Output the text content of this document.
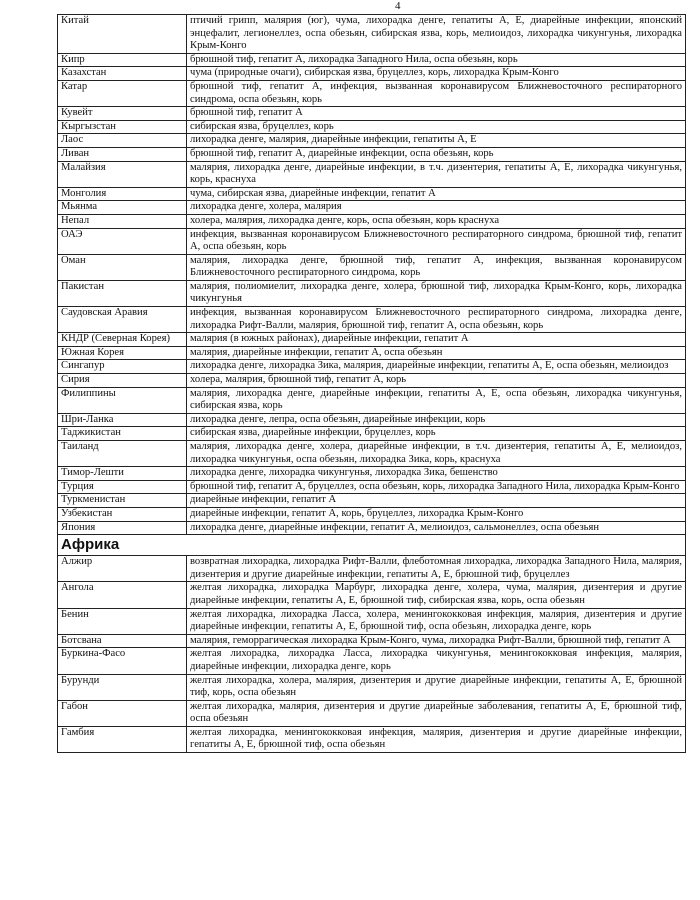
4
Китай	птичий грипп, малярия (юг), чума, лихорадка денге, гепатиты А, Е, диарейные инфекции, японский энцефалит, легионеллез, оспа обезьян, сибирская язва, корь, мелиоидоз, лихорадка чикунгунья, лихорадка Крым-Конго
Кипр	брюшной тиф, гепатит А, лихорадка Западного Нила, оспа обезьян, корь
Казахстан	чума (природные очаги), сибирская язва, бруцеллез, корь, лихорадка Крым-Конго
Катар	брюшной тиф, гепатит А, инфекция, вызванная коронавирусом Ближневосточного респираторного синдрома, оспа обезьян, корь
Кувейт	брюшной тиф, гепатит А
Кыргызстан	сибирская язва, бруцеллез, корь
Лаос	лихорадка денге, малярия, диарейные инфекции, гепатиты А, Е
Ливан	брюшной тиф, гепатит А, диарейные инфекции, оспа обезьян, корь
Малайзия	малярия, лихорадка денге, диарейные инфекции, в т.ч. дизентерия, гепатиты А, Е, лихорадка чикунгунья, корь, краснуха
Монголия	чума, сибирская язва, диарейные инфекции, гепатит А
Мьянма	лихорадка денге, холера, малярия
Непал	холера, малярия, лихорадка денге, корь, оспа обезьян, корь краснуха
ОАЭ	инфекция, вызванная коронавирусом Ближневосточного респираторного синдрома, брюшной тиф, гепатит А, оспа обезьян, корь
Оман	малярия, лихорадка денге, брюшной тиф, гепатит А, инфекция, вызванная коронавирусом Ближневосточного респираторного синдрома, корь
Пакистан	малярия, полиомиелит, лихорадка денге, холера, брюшной тиф, лихорадка Крым-Конго, корь, лихорадка чикунгунья
Саудовская Аравия	инфекция, вызванная коронавирусом Ближневосточного респираторного синдрома, лихорадка денге, лихорадка Рифт-Валли, малярия, брюшной тиф, гепатит А, оспа обезьян, корь
КНДР (Северная Корея)	малярия (в южных районах), диарейные инфекции, гепатит А
Южная Корея	малярия, диарейные инфекции, гепатит А, оспа обезьян
Сингапур	лихорадка денге, лихорадка Зика, малярия, диарейные инфекции, гепатиты А, Е, оспа обезьян, мелиоидоз
Сирия	холера, малярия, брюшной тиф, гепатит А, корь
Филиппины	малярия, лихорадка денге, диарейные инфекции, гепатиты А, Е, оспа обезьян, лихорадка чикунгунья, сибирская язва, корь
Шри-Ланка	лихорадка денге, лепра, оспа обезьян, диарейные инфекции, корь
Таджикистан	сибирская язва, диарейные инфекции, бруцеллез, корь
Таиланд	малярия, лихорадка денге, холера, диарейные инфекции, в т.ч. дизентерия, гепатиты А, Е, мелиоидоз, лихорадка чикунгунья, оспа обезьян, лихорадка Зика, корь, краснуха
Тимор-Лешти	лихорадка денге, лихорадка чикунгунья, лихорадка Зика, бешенство
Турция	брюшной тиф, гепатит А, бруцеллез, оспа обезьян, корь, лихорадка Западного Нила, лихорадка Крым-Конго
Туркменистан	диарейные инфекции, гепатит А
Узбекистан	диарейные инфекции, гепатит А, корь, бруцеллез, лихорадка Крым-Конго
Япония	лихорадка денге, диарейные инфекции, гепатит А, мелиоидоз, сальмонеллез, оспа обезьян
Африка	
Алжир	возвратная лихорадка, лихорадка Рифт-Валли, флеботомная лихорадка, лихорадка Западного Нила, малярия, дизентерия и другие диарейные инфекции, гепатиты А, Е, брюшной тиф, бруцеллез
Ангола	желтая лихорадка, лихорадка Марбург, лихорадка денге, холера, чума, малярия, дизентерия и другие диарейные инфекции, гепатиты А, Е, брюшной тиф, сибирская язва, корь, оспа обезьян
Бенин	желтая лихорадка, лихорадка Ласса, холера, менингококковая инфекция, малярия, дизентерия и другие диарейные инфекции, гепатиты А, Е, брюшной тиф, оспа обезьян, лихорадка денге, корь
Ботсвана	малярия, геморрагическая лихорадка Крым-Конго, чума, лихорадка Рифт-Валли, брюшной тиф, гепатит А
Буркина-Фасо	желтая лихорадка, лихорадка Ласса, лихорадка чикунгунья, менингококковая инфекция, малярия, диарейные инфекции, лихорадка денге, корь
Бурунди	желтая лихорадка, холера, малярия, дизентерия и другие диарейные инфекции, гепатиты А, Е, брюшной тиф, корь, оспа обезьян
Габон	желтая лихорадка, малярия, дизентерия и другие диарейные заболевания, гепатиты А, Е, брюшной тиф, оспа обезьян
Гамбия	желтая лихорадка, менингококковая инфекция, малярия, дизентерия и другие диарейные инфекции, гепатиты А, Е, брюшной тиф, оспа обезьян
